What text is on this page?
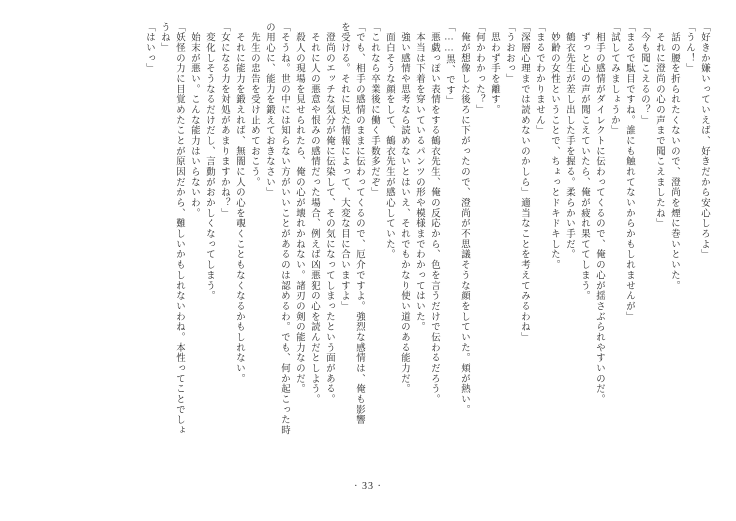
「好きか嫌いっていえば、好きだから安心しろよ」
「うん！」
　話の腰を折られたくないので、澄尚を煙に巻いといた。
　それに澄尚の心の声まで聞こえましたね」
「今も聞こえるの？」
「まるで駄目ですね。誰にも触れてないからかもしれませんが」
「試してみましょうか」
　相手の感情がダイレクトに伝わってくるので、俺の心が揺さぶられやすいのだ。
　ずっと心の声が聞こえていたら、俺が疲れ果ててしまう。
　鶴衣先生が差し出した手を握る。柔らかい手だ。
　妙齢の女性ということで、ちょっとドキドキした。
「まるでわかりません」
「深層心理までは読めないのかしら」適当なことを考えてみるわね」
「うおおっ」
　思わず手を離す。
「何かわかった？」
　俺が想像した後ろに下がったので、澄尚が不思議そうな顔をしていた。頬が熱い。
「……黒、です」
　悪戯っぽい表情をする鶴衣先生、俺の反応から、色を言うだけで伝わるだろう。
　本当は下着を穿いているパンツの形や模様までわかってはいた。
　強い感情や思考なら読めないとはいえ、それでもかなり使い道のある能力だ。
　面白そうな顔をして、鶴衣先生が感心していた。
「これなら卒業後に働く手数多だぞ」
「でも、相手の感情のままに伝わってくるので、厄介ですよ。強烈な感情は、俺も影響
を受ける。それに見た情報によって、大変な目に合いますよ」
　澄尚のエッチな気分が俺に伝染して、その気になってしまったという面がある。
　それに人の悪意や恨みの感情だった場合、例えば凶悪犯の心を読んだとしよう。
　殺人の現場を見せられたら、俺の心が壊れかねない。諸刃の剣の能力なのだ。
「そうね。世の中には知らない方がいいことがあるのは認めるわ。でも、何か起こった時
の用心に、能力を鍛えておきなさい」
　先生の忠告を受け止めておこう。
　それに能力を鍛えれば、無闇に人の心を覗くこともなくなるかもしれない。
「女になる力を対処があまりますかね？」
　変化しそうなるだけだし、言動がおかしくなってしまう。
　始末が悪い。こんな能力はいらないわ。
「妖怪の力に目覚めたことが原因だから、難しいかもしれないわね。本性ってことでしょ
うね」
「はいっ」
· 33 ·
